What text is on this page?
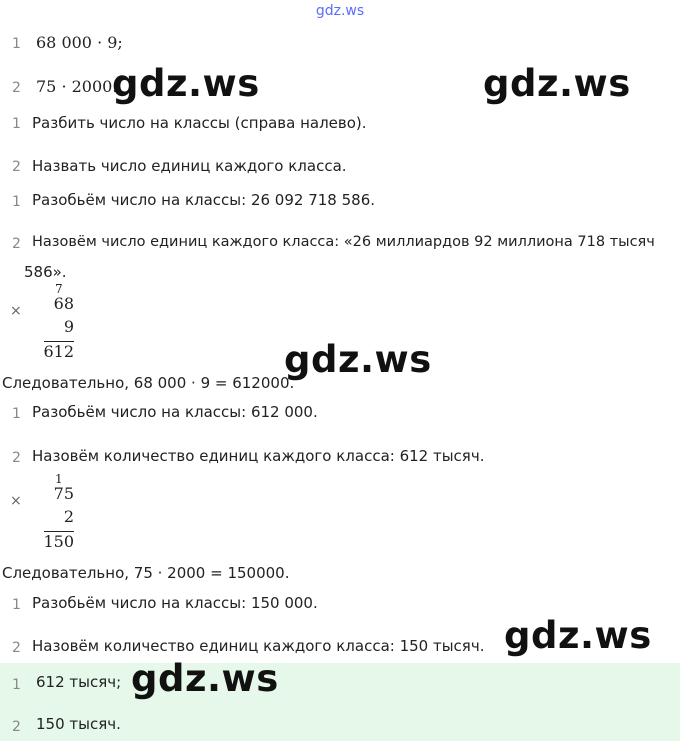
gdz.ws
1 68 000 · 9;
2 75 · 2000.
1 Разбить число на классы (справа налево).
2 Назвать число единиц каждого класса.
1 Разобьём число на классы: 26 092 718 586.
2 Назовём число единиц каждого класса: «26 миллиардов 92 миллиона 718 тысяч
586».
×
7
68
9
612
Следовательно, 68 000 · 9 = 612000.
1 Разобьём число на классы: 612 000.
2 Назовём количество единиц каждого класса: 612 тысяч.
×
1
75
2
150
Следовательно, 75 · 2000 = 150000.
1 Разобьём число на классы: 150 000.
2 Назовём количество единиц каждого класса: 150 тысяч.
1 612 тысяч;
2 150 тысяч.
gdz.ws	gdz.ws
gdz.ws
gdz.ws
gdz.ws
